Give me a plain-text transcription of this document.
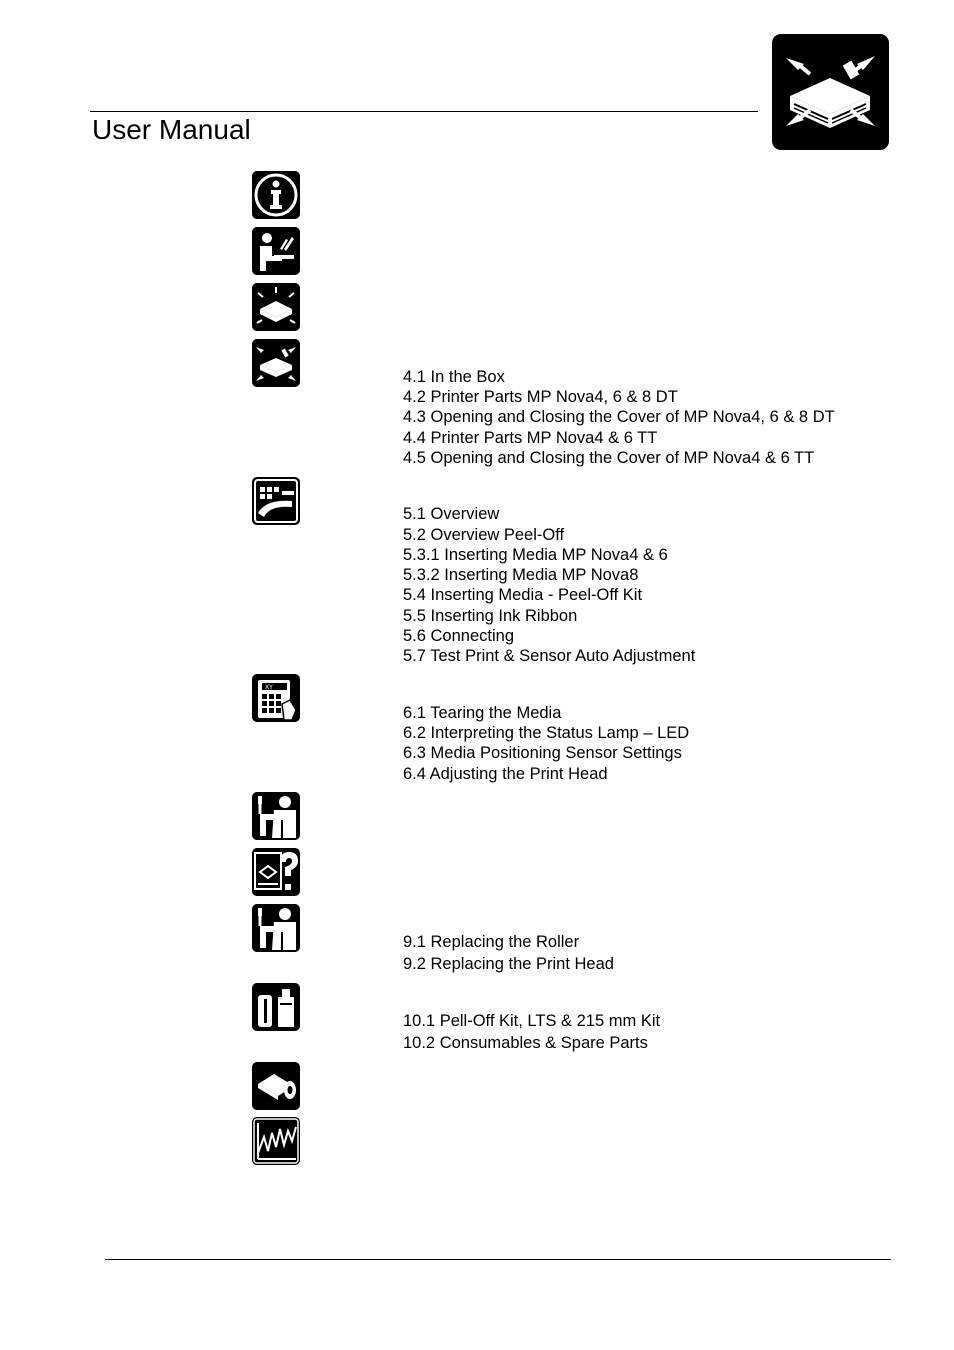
User Manual
XY
4.1 In the Box
4.2 Printer Parts MP Nova4, 6 & 8 DT
4.3 Opening and Closing the Cover of MP Nova4, 6 & 8 DT
4.4 Printer Parts MP Nova4 & 6 TT
4.5 Opening and Closing the Cover of MP Nova4 & 6 TT
5.1 Overview
5.2 Overview Peel-Off
5.3.1 Inserting Media MP Nova4 & 6
5.3.2 Inserting Media MP Nova8
5.4 Inserting Media - Peel-Off Kit
5.5 Inserting Ink Ribbon
5.6 Connecting
5.7 Test Print & Sensor Auto Adjustment
6.1 Tearing the Media
6.2 Interpreting the Status Lamp – LED
6.3 Media Positioning Sensor Settings
6.4 Adjusting the Print Head
9.1 Replacing the Roller
9.2 Replacing the Print Head
10.1 Pell-Off Kit, LTS & 215 mm Kit
10.2 Consumables & Spare Parts
